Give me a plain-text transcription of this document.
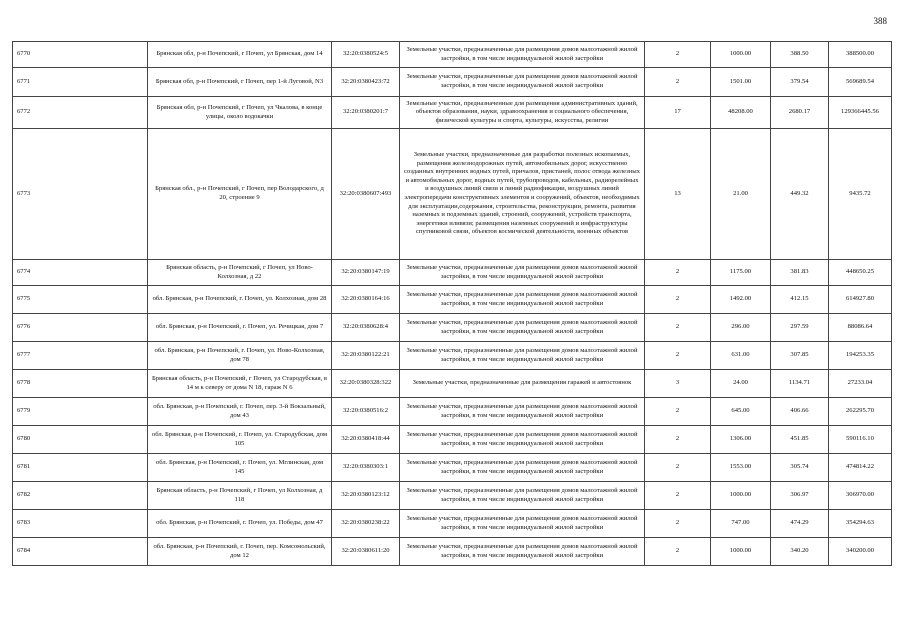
388
6770	Брянская обл, р-н Почепский, г Почеп, ул Брянская, дом 14	32:20:0380524:5	Земельные участки, предназначенные для размещения домов малоэтажной жилой застройки, в том числе индивидуальной жилой застройки	2	1000.00	388.50	388500.00
6771	Брянская обл, р-н Почепский, г Почеп, пер 1-й Луговой, N3	32:20:0380423:72	Земельные участки, предназначенные для размещения домов малоэтажной жилой застройки, в том числе индивидуальной жилой застройки	2	1501.00	379.54	569689.54
6772	Брянская обл, р-н Почепский, г Почеп, ул Чкалова, в конце улицы, около водокачки	32:20:0380201:7	Земельные участки, предназначенные для размещения административных зданий, объектов образования, науки, здравоохранения и социального обеспечения, физической культуры и спорта, культуры, искусства, религии	17	48208.00	2680.17	129366445.56
6773	Брянская обл., р-н Почепский, г Почеп, пер Володарского, д 20, строение 9	32:20:0380607:493	Земельные участки, предназначенные для разработки полезных ископаемых, размещения железнодорожных путей, автомобильных дорог, искусственно созданных внутренних водных путей, причалов, пристаней, полос отвода железных и автомобильных дорог, водных путей, трубопроводов, кабельных, радиорелейных и воздушных линий связи и линий радиофикации, воздушных линий электропередачи конструктивных элементов и сооружений, объектов, необходимых для эксплуатации,содержания, строительства, реконструкции, ремонта, развития наземных и подземных зданий, строений, сооружений, устройств транспорта, энергетики иливязи; размещения наземных сооружений и инфраструктуры спутниковой связи, объектов космической деятельности, военных объектов	13	21.00	449.32	9435.72
6774	Брянская область, р-н Почепский, г Почеп, ул Ново-Колхозная, д 22	32:20:0380147:19	Земельные участки, предназначенные для размещения домов малоэтажной жилой застройки, в том числе индивидуальной жилой застройки	2	1175.00	381.83	448650.25
6775	обл. Брянская, р-н Почепский, г. Почеп, ул. Колхозная, дом 28	32:20:0380164:16	Земельные участки, предназначенные для размещения домов малоэтажной жилой застройки, в том числе индивидуальной жилой застройки	2	1492.00	412.15	614927.80
6776	обл. Брянская, р-н Почепский, г. Почеп, ул. Речицкая, дом 7	32:20:0380628:4	Земельные участки, предназначенные для размещения домов малоэтажной жилой застройки, в том числе индивидуальной жилой застройки	2	296.00	297.59	88086.64
6777	обл. Брянская, р-н Почепский, г. Почеп, ул. Ново-Колхозная, дом 78	32:20:0380122:21	Земельные участки, предназначенные для размещения домов малоэтажной жилой застройки, в том числе индивидуальной жилой застройки	2	631.00	307.85	194253.35
6778	Брянская область, р-н Почепский, г Почеп, ул Стародубская, в 14 м к северу от дома N 18, гараж N 6	32:20:0380328:322	Земельные участки, предназначенные для размещения гаражей и автостоянок	3	24.00	1134.71	27233.04
6779	обл. Брянская, р-н Почепский, г. Почеп, пер. 3-й Вокзальный, дом 43	32:20:0380516:2	Земельные участки, предназначенные для размещения домов малоэтажной жилой застройки, в том числе индивидуальной жилой застройки	2	645.00	406.66	262295.70
6780	обл. Брянская, р-н Почепский, г. Почеп, ул. Стародубская, дом 105	32:20:0380418:44	Земельные участки, предназначенные для размещения домов малоэтажной жилой застройки, в том числе индивидуальной жилой застройки	2	1306.00	451.85	590116.10
6781	обл. Брянская, р-н Почепский, г. Почеп, ул. Мглинская, дом 145	32:20:0380303:1	Земельные участки, предназначенные для размещения домов малоэтажной жилой застройки, в том числе индивидуальной жилой застройки	2	1553.00	305.74	474814.22
6782	Брянская область, р-н Почепский, г Почеп, ул Колхозная, д 118	32:20:0380123:12	Земельные участки, предназначенные для размещения домов малоэтажной жилой застройки, в том числе индивидуальной жилой застройки	2	1000.00	306.97	306970.00
6783	обл. Брянская, р-н Почепский, г. Почеп, ул. Победы, дом 47	32:20:0380238:22	Земельные участки, предназначенные для размещения домов малоэтажной жилой застройки, в том числе индивидуальной жилой застройки	2	747.00	474.29	354294.63
6784	обл. Брянская, р-н Почепский, г. Почеп, пер. Комсомольский, дом 12	32:20:0380611:20	Земельные участки, предназначенные для размещения домов малоэтажной жилой застройки, в том числе индивидуальной жилой застройки	2	1000.00	340.20	340200.00
